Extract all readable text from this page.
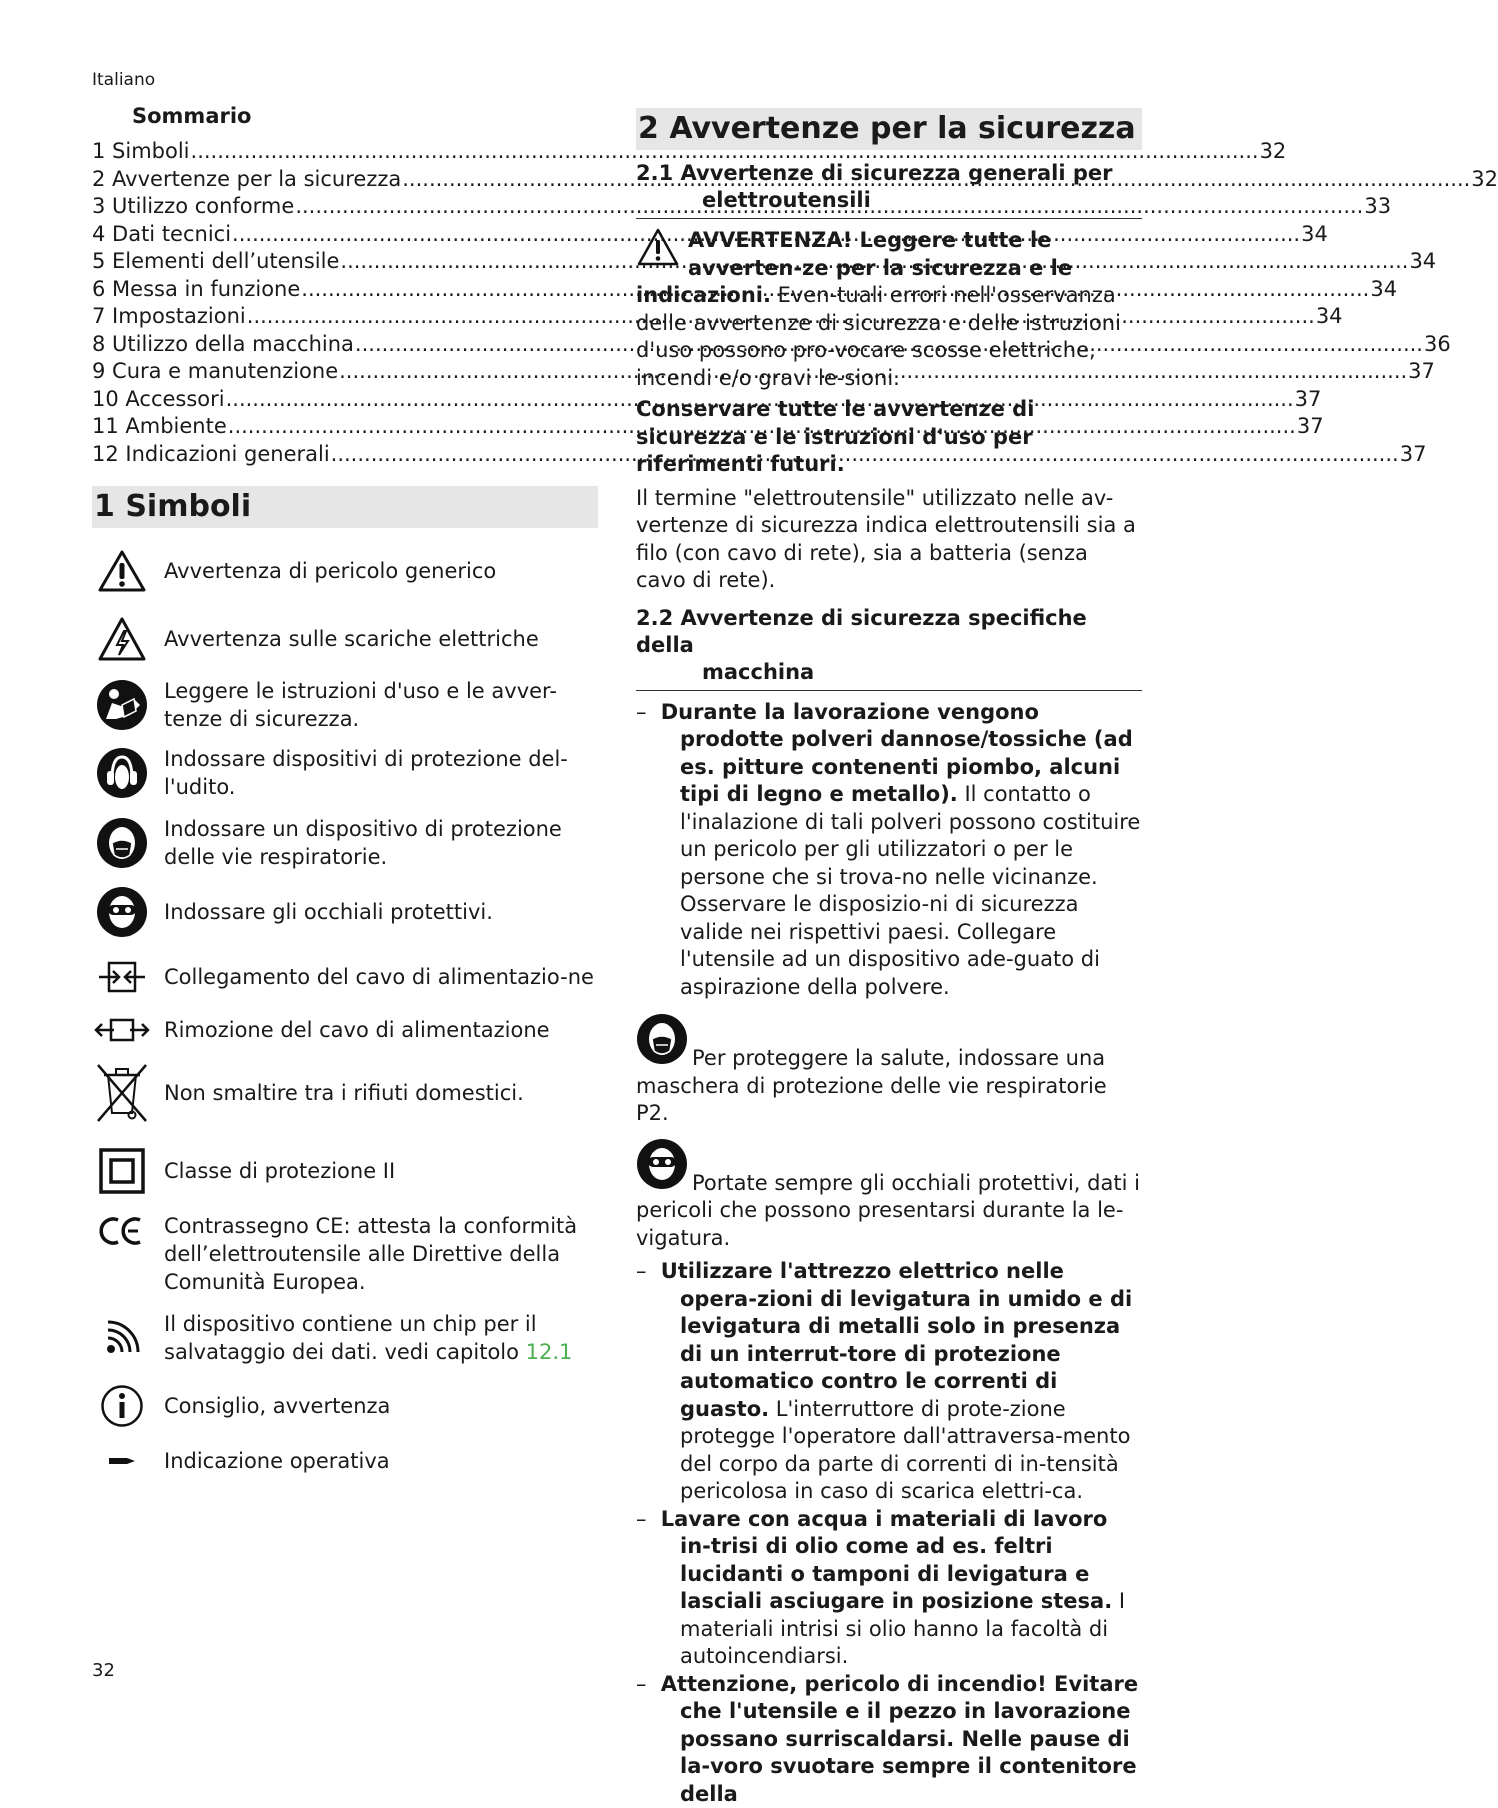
Italiano
Sommario
1 Simboli .....	32
2 Avvertenze per la sicurezza .....	32
3 Utilizzo conforme .....	33
4 Dati tecnici .....	34
5 Elementi dell’utensile .....	34
6 Messa in funzione .....	34
7 Impostazioni .....	34
8 Utilizzo della macchina .....	36
9 Cura e manutenzione .....	37
10 Accessori .....	37
11 Ambiente .....	37
12 Indicazioni generali .....	37
1 Simboli
Avvertenza di pericolo generico
Avvertenza sulle scariche elettriche
Leggere le istruzioni d'uso e le avver-tenze di sicurezza.
Indossare dispositivi di protezione del-l'udito.
Indossare un dispositivo di protezione delle vie respiratorie.
Indossare gli occhiali protettivi.
Collegamento del cavo di alimentazio-ne
Rimozione del cavo di alimentazione
Non smaltire tra i rifiuti domestici.
Classe di protezione II
Contrassegno CE: attesta la conformità dell’elettroutensile alle Direttive della Comunità Europea.
Il dispositivo contiene un chip per il salvataggio dei dati. vedi capitolo 12.1
Consiglio, avvertenza
Indicazione operativa
2 Avvertenze per la sicurezza
2.1 Avvertenze di sicurezza generali per
elettroutensili
AVVERTENZA! Leggere tutte le avverten-ze per la sicurezza e le indicazioni. Even-tuali errori nell'osservanza delle avvertenze di sicurezza e delle istruzioni d'uso possono pro-vocare scosse elettriche, incendi e/o gravi le-sioni.
Conservare tutte le avvertenze di sicurezza e le istruzioni d'uso per riferimenti futuri.
Il termine "elettroutensile" utilizzato nelle av-vertenze di sicurezza indica elettroutensili sia a filo (con cavo di rete), sia a batteria (senza cavo di rete).
2.2 Avvertenze di sicurezza specifiche della
macchina
– Durante la lavorazione vengono prodotte polveri dannose/tossiche (ad es. pitture contenenti piombo, alcuni tipi di legno e metallo). Il contatto o l'inalazione di tali polveri possono costituire un pericolo per gli utilizzatori o per le persone che si trova-no nelle vicinanze. Osservare le disposizio-ni di sicurezza valide nei rispettivi paesi. Collegare l'utensile ad un dispositivo ade-guato di aspirazione della polvere.
Per proteggere la salute, indossare una maschera di protezione delle vie respiratorie P2.
Portate sempre gli occhiali protettivi, dati i pericoli che possono presentarsi durante la le-vigatura.
– Utilizzare l'attrezzo elettrico nelle opera-zioni di levigatura in umido e di levigatura di metalli solo in presenza di un interrut-tore di protezione automatico contro le correnti di guasto. L'interruttore di prote-zione protegge l'operatore dall'attraversa-mento del corpo da parte di correnti di in-tensità pericolosa in caso di scarica elettri-ca.
– Lavare con acqua i materiali di lavoro in-trisi di olio come ad es. feltri lucidanti o tamponi di levigatura e lasciali asciugare in posizione stesa. I materiali intrisi si olio hanno la facoltà di autoincendiarsi.
– Attenzione, pericolo di incendio! Evitare che l'utensile e il pezzo in lavorazione possano surriscaldarsi. Nelle pause di la-voro svuotare sempre il contenitore della
32
